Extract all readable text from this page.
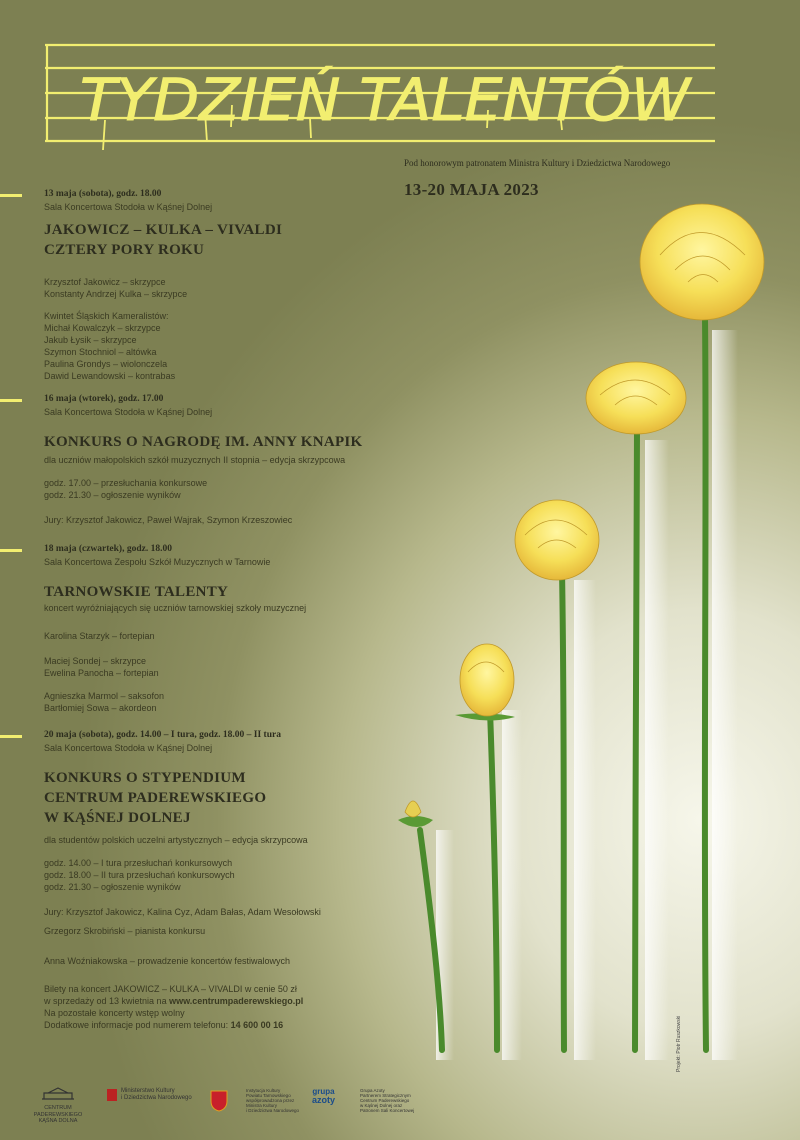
TYDZIEŃ TALENTÓW
Pod honorowym patronatem Ministra Kultury i Dziedzictwa Narodowego
13-20 MAJA 2023
13 maja (sobota), godz. 18.00
Sala Koncertowa Stodoła w Kąśnej Dolnej
JAKOWICZ – KULKA – VIVALDI
CZTERY PORY ROKU
Krzysztof Jakowicz – skrzypce
Konstanty Andrzej Kulka – skrzypce
Kwintet Śląskich Kameralistów:
Michał Kowalczyk – skrzypce
Jakub Łysik – skrzypce
Szymon Stochniol – altówka
Paulina Grondys – wiolonczela
Dawid Lewandowski – kontrabas
16 maja (wtorek), godz. 17.00
Sala Koncertowa Stodoła w Kąśnej Dolnej
KONKURS O NAGRODĘ IM. ANNY KNAPIK
dla uczniów małopolskich szkół muzycznych II stopnia – edycja skrzypcowa
godz. 17.00 – przesłuchania konkursowe
godz. 21.30 – ogłoszenie wyników
Jury: Krzysztof Jakowicz, Paweł Wajrak, Szymon Krzeszowiec
18 maja (czwartek), godz. 18.00
Sala Koncertowa Zespołu Szkół Muzycznych w Tarnowie
TARNOWSKIE TALENTY
koncert wyróżniających się uczniów tarnowskiej szkoły muzycznej
Karolina Starzyk – fortepian
Maciej Sondej – skrzypce
Ewelina Panocha – fortepian
Agnieszka Marmol – saksofon
Bartłomiej Sowa – akordeon
20 maja (sobota), godz. 14.00 – I tura, godz. 18.00 – II tura
Sala Koncertowa Stodoła w Kąśnej Dolnej
KONKURS O STYPENDIUM
CENTRUM PADEREWSKIEGO
W KĄŚNEJ DOLNEJ
dla studentów polskich uczelni artystycznych – edycja skrzypcowa
godz. 14.00 – I tura przesłuchań konkursowych
godz. 18.00 – II tura przesłuchań konkursowych
godz. 21.30 – ogłoszenie wyników
Jury: Krzysztof Jakowicz, Kalina Cyz, Adam Bałas, Adam Wesołowski
Grzegorz Skrobiński – pianista konkursu
Anna Woźniakowska – prowadzenie koncertów festiwalowych
Bilety na koncert JAKOWICZ – KULKA – VIVALDI w cenie 50 zł
w sprzedaży od 13 kwietnia na www.centrumpaderewskiego.pl
Na pozostałe koncerty wstęp wolny
Dodatkowe informacje pod numerem telefonu: 14 600 00 16
CENTRUM PADEREWSKIEGO
KĄŚNA DOLNA
Ministerstwo Kultury
i Dziedzictwa Narodowego
Instytucja Kultury
Powiatu Tarnowskiego
współprowadzona przez
Ministra Kultury
i Dziedzictwa Narodowego
grupa
azoty
Grupa Azoty
Partnerem Strategicznym
Centrum Paderewskiego
w Kąśnej Dolnej oraz
Patronem Sali Koncertowej
Projekt: Piotr Ruszkowski
